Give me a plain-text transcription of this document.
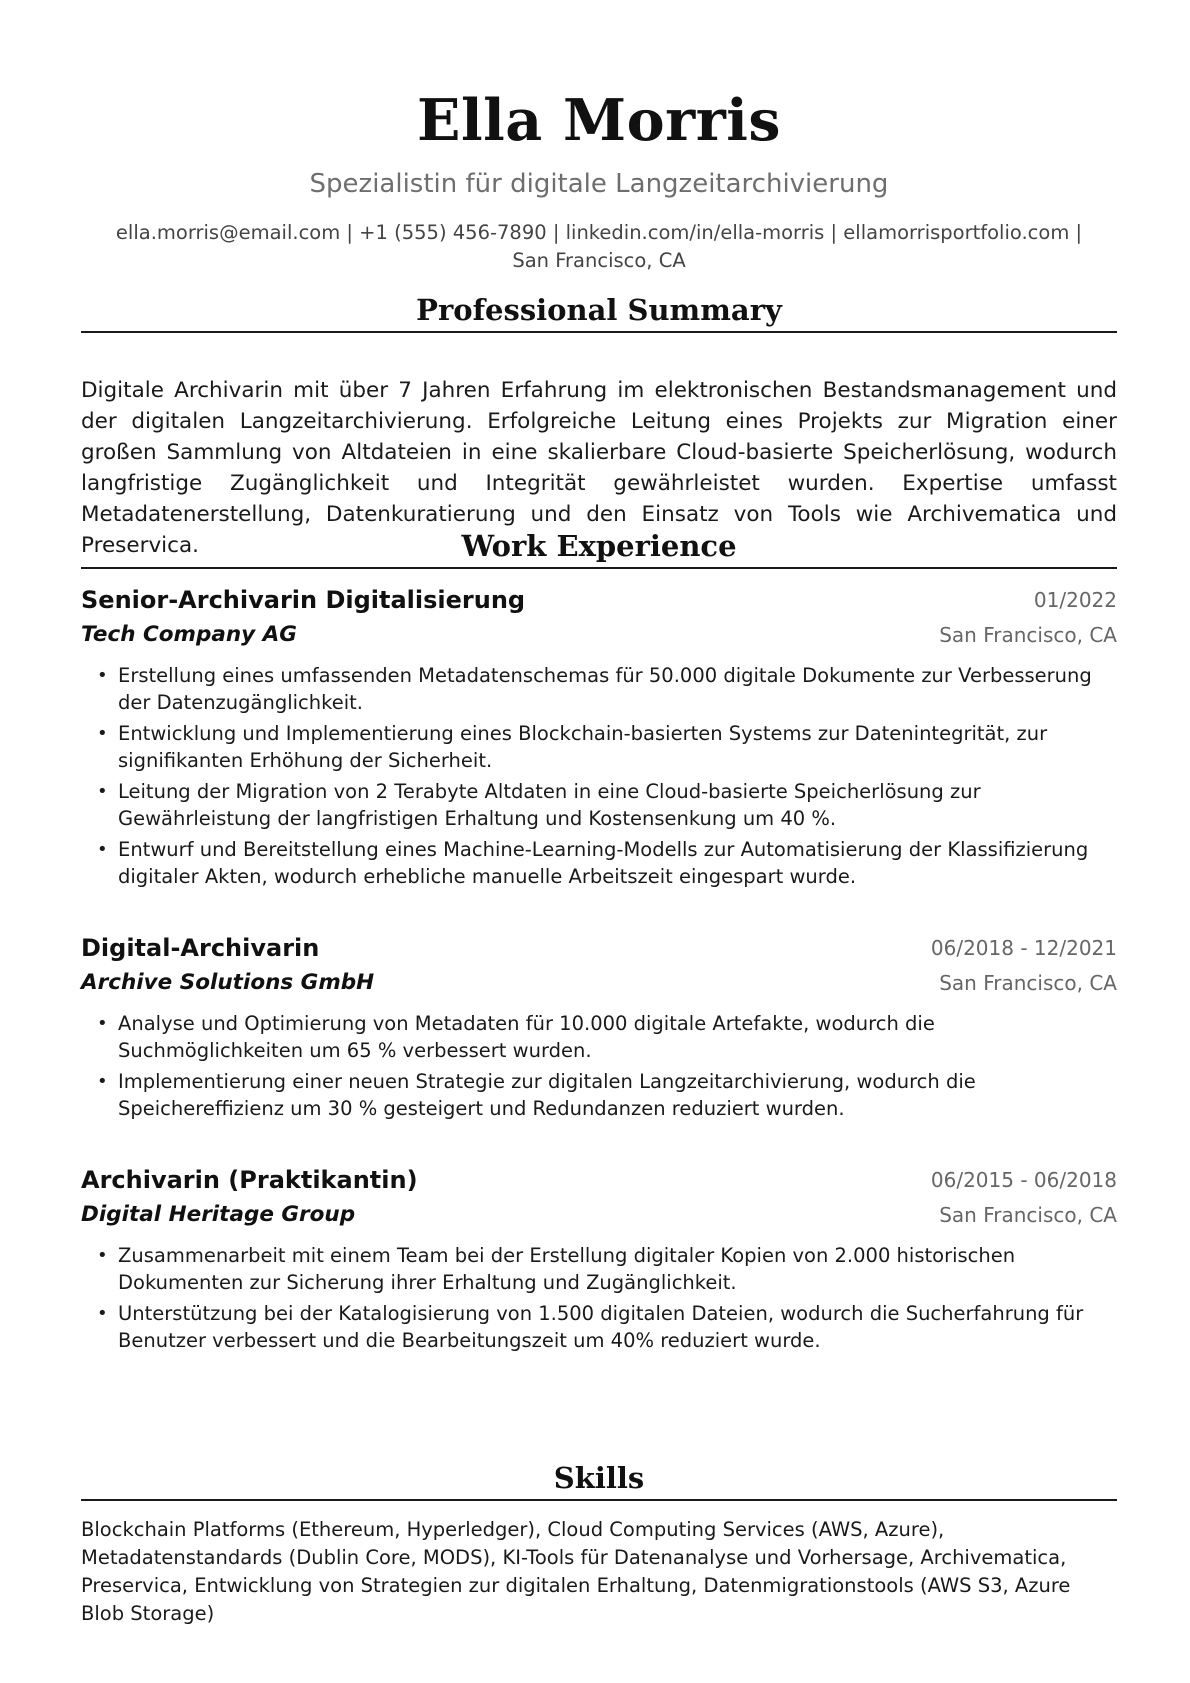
Ella Morris
Spezialistin für digitale Langzeitarchivierung
ella.morris@email.com | +1 (555) 456-7890 | linkedin.com/in/ella-morris | ellamorrisportfolio.com | San Francisco, CA
Professional Summary
Digitale Archivarin mit über 7 Jahren Erfahrung im elektronischen Bestandsmanagement und der digitalen Langzeitarchivierung. Erfolgreiche Leitung eines Projekts zur Migration einer großen Sammlung von Altdateien in eine skalierbare Cloud-basierte Speicherlösung, wodurch langfristige Zugänglichkeit und Integrität gewährleistet wurden. Expertise umfasst Metadatenerstellung, Datenkuratierung und den Einsatz von Tools wie Archivematica und Preservica.	Work Experience
Senior-Archivarin Digitalisierung	01/2022
Tech Company AG	San Francisco, CA
• Erstellung eines umfassenden Metadatenschemas für 50.000 digitale Dokumente zur Verbesserung der Datenzugänglichkeit.
• Entwicklung und Implementierung eines Blockchain-basierten Systems zur Datenintegrität, zur signifikanten Erhöhung der Sicherheit.
• Leitung der Migration von 2 Terabyte Altdaten in eine Cloud-basierte Speicherlösung zur Gewährleistung der langfristigen Erhaltung und Kostensenkung um 40 %.
• Entwurf und Bereitstellung eines Machine-Learning-Modells zur Automatisierung der Klassifizierung digitaler Akten, wodurch erhebliche manuelle Arbeitszeit eingespart wurde.
Digital-Archivarin	06/2018 - 12/2021
Archive Solutions GmbH	San Francisco, CA
• Analyse und Optimierung von Metadaten für 10.000 digitale Artefakte, wodurch die Suchmöglichkeiten um 65 % verbessert wurden.
• Implementierung einer neuen Strategie zur digitalen Langzeitarchivierung, wodurch die Speichereffizienz um 30 % gesteigert und Redundanzen reduziert wurden.
Archivarin (Praktikantin)	06/2015 - 06/2018
Digital Heritage Group	San Francisco, CA
• Zusammenarbeit mit einem Team bei der Erstellung digitaler Kopien von 2.000 historischen Dokumenten zur Sicherung ihrer Erhaltung und Zugänglichkeit.
• Unterstützung bei der Katalogisierung von 1.500 digitalen Dateien, wodurch die Sucherfahrung für Benutzer verbessert und die Bearbeitungszeit um 40% reduziert wurde.
Skills
Blockchain Platforms (Ethereum, Hyperledger), Cloud Computing Services (AWS, Azure), Metadatenstandards (Dublin Core, MODS), KI-Tools für Datenanalyse und Vorhersage, Archivematica, Preservica, Entwicklung von Strategien zur digitalen Erhaltung, Datenmigrationstools (AWS S3, Azure Blob Storage)
